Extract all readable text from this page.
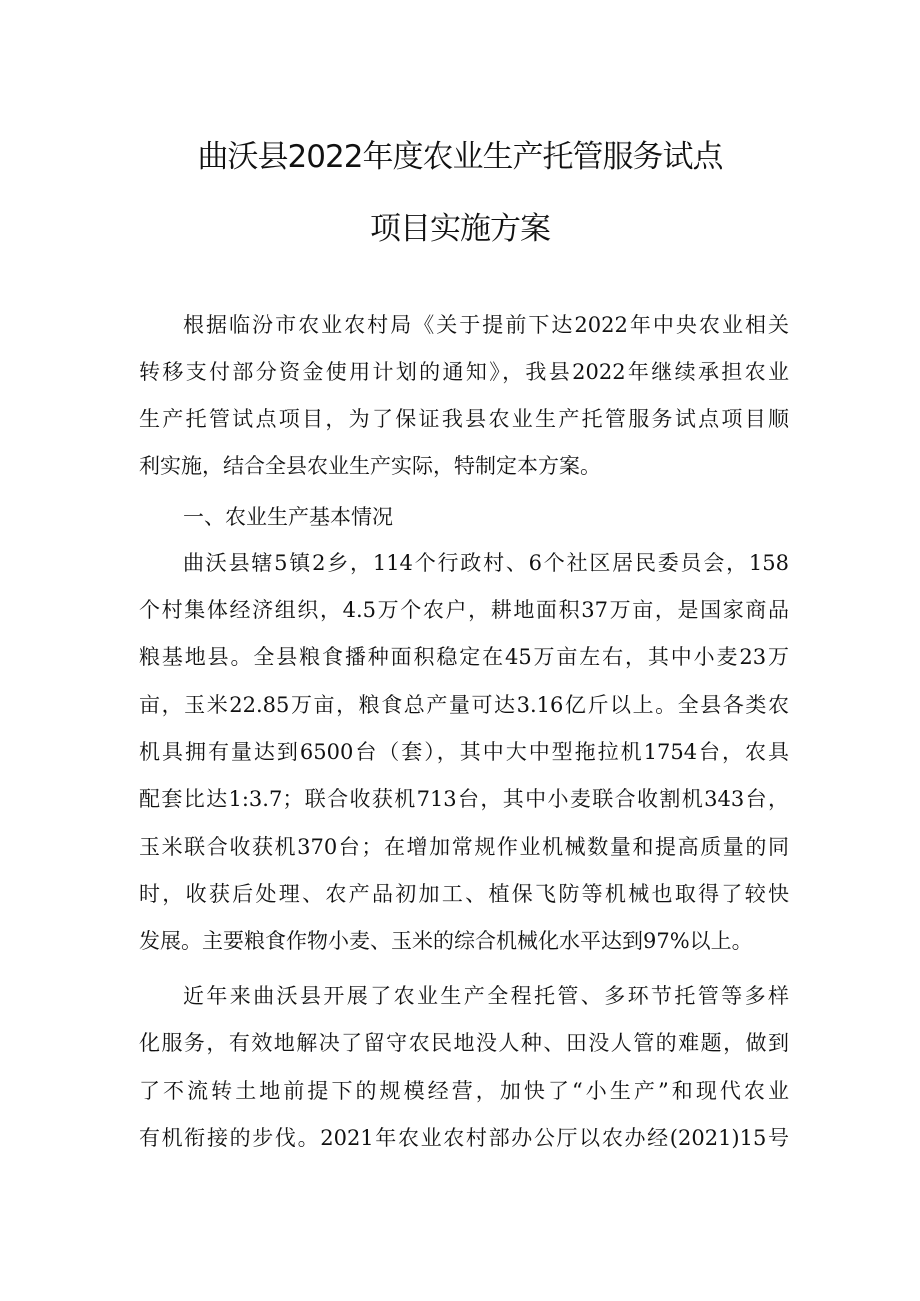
曲沃县2022年度农业生产托管服务试点
项目实施方案
根据临汾市农业农村局《关于提前下达2022年中央农业相关
转移支付部分资金使用计划的通知》，我县2022年继续承担农业
生产托管试点项目，为了保证我县农业生产托管服务试点项目顺
利实施，结合全县农业生产实际，特制定本方案。
一、农业生产基本情况
曲沃县辖5镇2乡，114个行政村、6个社区居民委员会，158
个村集体经济组织，4.5万个农户，耕地面积37万亩，是国家商品
粮基地县。全县粮食播种面积稳定在45万亩左右，其中小麦23万
亩，玉米22.85万亩，粮食总产量可达3.16亿斤以上。全县各类农
机具拥有量达到6500台（套），其中大中型拖拉机1754台，农具
配套比达1:3.7；联合收获机713台，其中小麦联合收割机343台，
玉米联合收获机370台；在增加常规作业机械数量和提高质量的同
时，收获后处理、农产品初加工、植保飞防等机械也取得了较快
发展。主要粮食作物小麦、玉米的综合机械化水平达到97%以上。
近年来曲沃县开展了农业生产全程托管、多环节托管等多样
化服务，有效地解决了留守农民地没人种、田没人管的难题，做到
了不流转土地前提下的规模经营，加快了“小生产”和现代农业
有机衔接的步伐。2021年农业农村部办公厅以农办经(2021)15号
